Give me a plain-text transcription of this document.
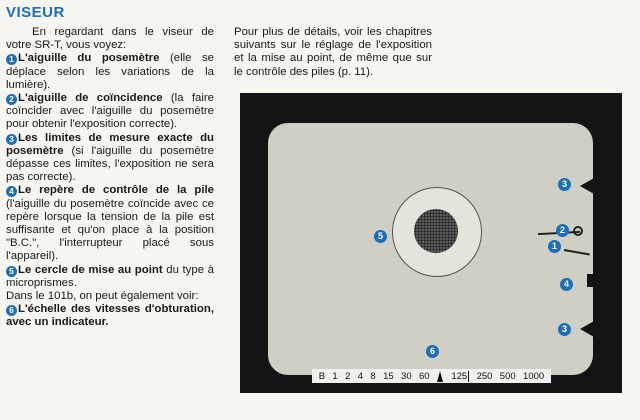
VISEUR

En regardant dans le viseur de votre SR-T, vous voyez:

1 L'aiguille du posemètre (elle se déplace selon les variations de la lumière).

2 L'aiguille de coïncidence (la faire coïncider avec l'aiguille du posemètre pour obtenir l'exposition correcte).

3 Les limites de mesure exacte du posemètre (si l'aiguille du posemètre dépasse ces limites, l'exposition ne sera pas correcte).

4 Le repère de contrôle de la pile (l'aiguille du posemètre coïncide avec ce repère lorsque la tension de la pile est suffisante et qu'on place à la position "B.C.", l'interrupteur placé sous l'appareil).

5 Le cercle de mise au point du type à microprismes.

Dans le 101b, on peut également voir:

6 L'échelle des vitesses d'obturation, avec un indicateur.

Pour plus de détails, voir les chapitres suivants sur le réglage de l'exposition et la mise au point, de même que sur le contrôle des piles (p. 11).
3
2
1
4
3
5
6
B 1 2 4 8 15 30 60 125 250 500 1000
